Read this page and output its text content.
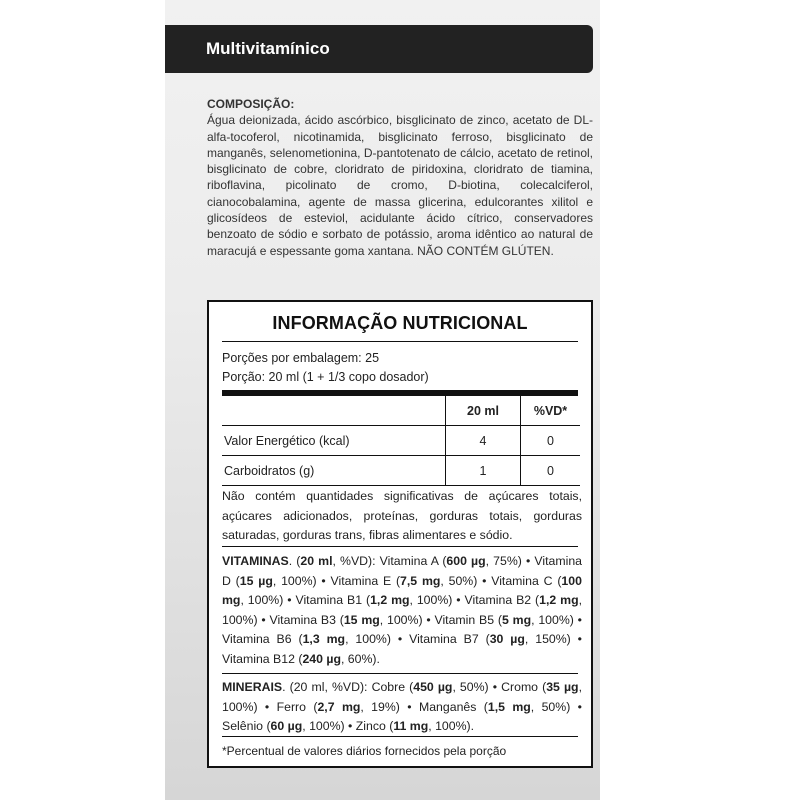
Multivitamínico
COMPOSIÇÃO:
Água deionizada, ácido ascórbico, bisglicinato de zinco, acetato de DL-alfa-tocoferol, nicotinamida, bisglicinato ferroso, bisglicinato de manganês, selenometionina, D-pantotenato de cálcio, acetato de retinol, bisglicinato de cobre, cloridrato de piridoxina, cloridrato de tiamina, riboflavina, picolinato de cromo, D-biotina, colecalciferol, cianocobalamina, agente de massa glicerina, edulcorantes xilitol e glicosídeos de esteviol, acidulante ácido cítrico, conservadores benzoato de sódio e sorbato de potássio, aroma idêntico ao natural de maracujá e espessante goma xantana. NÃO CONTÉM GLÚTEN.
INFORMAÇÃO NUTRICIONAL
Porções por embalagem: 25
Porção: 20 ml (1 + 1/3 copo dosador)
	20 ml	%VD*
Valor Energético (kcal)	4	0
Carboidratos (g)	1	0
Não contém quantidades significativas de açúcares totais, açúcares adicionados, proteínas, gorduras totais, gorduras saturadas, gorduras trans, fibras alimentares e sódio.
VITAMINAS. (20 ml, %VD): Vitamina A (600 µg, 75%) • Vitamina D (15 µg, 100%) • Vitamina E (7,5 mg, 50%) • Vitamina C (100 mg, 100%) • Vitamina B1 (1,2 mg, 100%) • Vitamina B2 (1,2 mg, 100%) • Vitamina B3 (15 mg, 100%) • Vitamin B5 (5 mg, 100%) • Vitamina B6 (1,3 mg, 100%) • Vitamina B7 (30 µg, 150%) • Vitamina B12 (240 µg, 60%).
MINERAIS. (20 ml, %VD): Cobre (450 µg, 50%) • Cromo (35 µg, 100%) • Ferro (2,7 mg, 19%) • Manganês (1,5 mg, 50%) • Selênio (60 µg, 100%) • Zinco (11 mg, 100%).
*Percentual de valores diários fornecidos pela porção
